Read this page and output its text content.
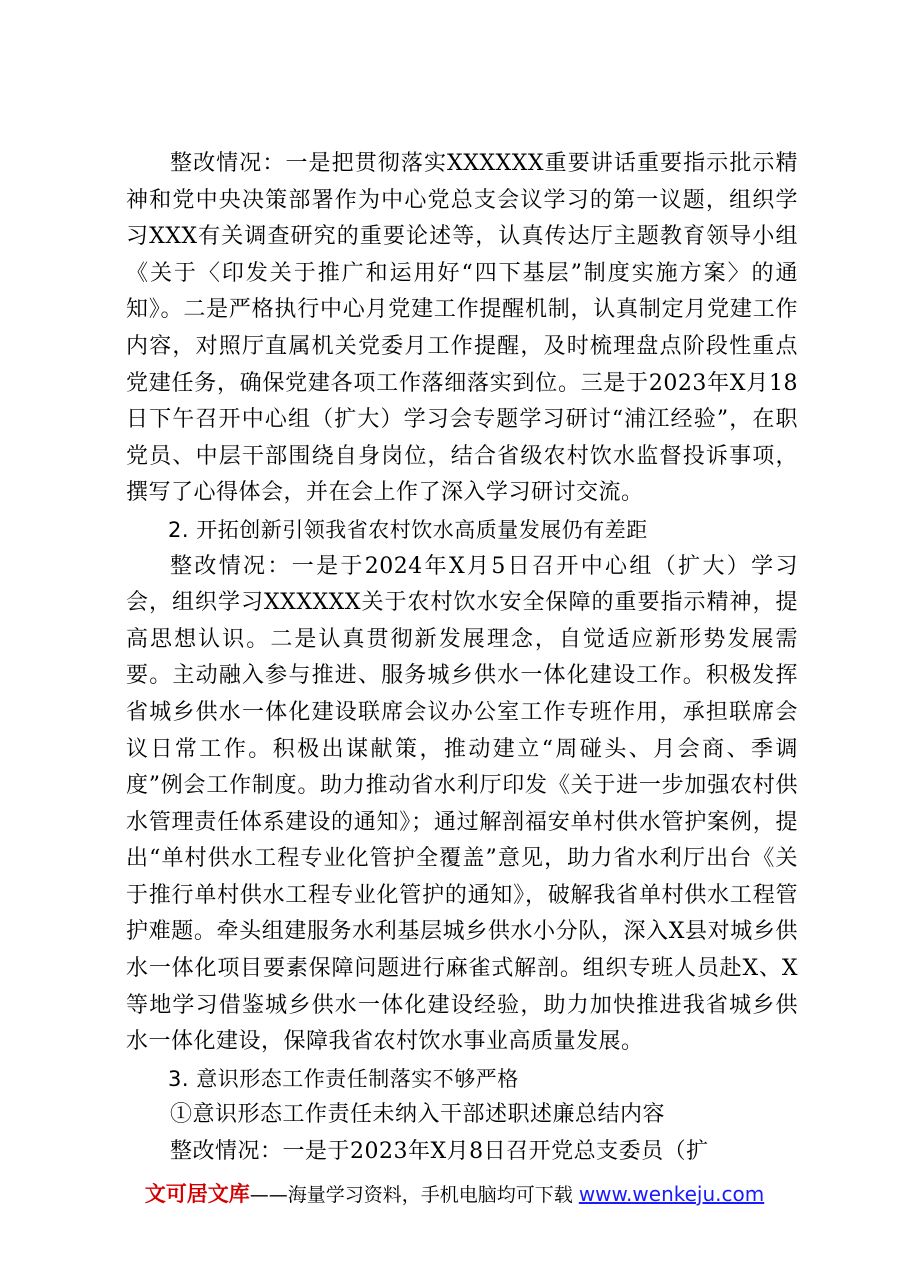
整改情况：一是把贯彻落实XXXXXX重要讲话重要指示批示精神和党中央决策部署作为中心党总支会议学习的第一议题，组织学习XXX有关调查研究的重要论述等，认真传达厅主题教育领导小组《关于〈印发关于推广和运用好“四下基层”制度实施方案〉的通知》。二是严格执行中心月党建工作提醒机制，认真制定月党建工作内容，对照厅直属机关党委月工作提醒，及时梳理盘点阶段性重点党建任务，确保党建各项工作落细落实到位。三是于2023年X月18日下午召开中心组（扩大）学习会专题学习研讨“浦江经验”，在职党员、中层干部围绕自身岗位，结合省级农村饮水监督投诉事项，撰写了心得体会，并在会上作了深入学习研讨交流。

2. 开拓创新引领我省农村饮水高质量发展仍有差距

整改情况：一是于2024年X月5日召开中心组（扩大）学习会，组织学习XXXXXX关于农村饮水安全保障的重要指示精神，提高思想认识。二是认真贯彻新发展理念，自觉适应新形势发展需要。主动融入参与推进、服务城乡供水一体化建设工作。积极发挥省城乡供水一体化建设联席会议办公室工作专班作用，承担联席会议日常工作。积极出谋献策，推动建立“周碰头、月会商、季调度”例会工作制度。助力推动省水利厅印发《关于进一步加强农村供水管理责任体系建设的通知》；通过解剖福安单村供水管护案例，提出“单村供水工程专业化管护全覆盖”意见，助力省水利厅出台《关于推行单村供水工程专业化管护的通知》，破解我省单村供水工程管护难题。牵头组建服务水利基层城乡供水小分队，深入X县对城乡供水一体化项目要素保障问题进行麻雀式解剖。组织专班人员赴X、X等地学习借鉴城乡供水一体化建设经验，助力加快推进我省城乡供水一体化建设，保障我省农村饮水事业高质量发展。

3. 意识形态工作责任制落实不够严格

①意识形态工作责任未纳入干部述职述廉总结内容

整改情况：一是于2023年X月8日召开党总支委员（扩

文可居文库——海量学习资料，手机电脑均可下载 www.wenkeju.com
